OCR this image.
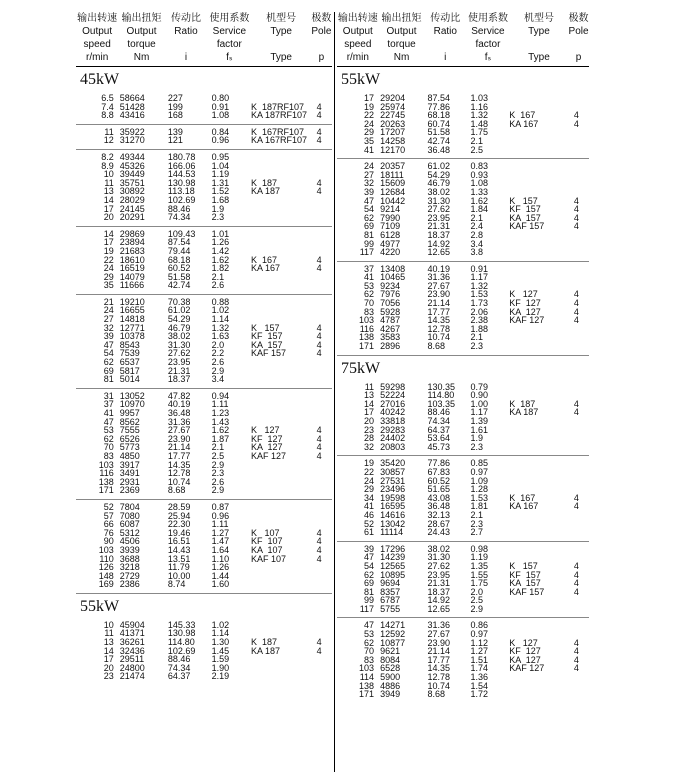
输出转速	输出扭矩	传动比	使用系数	机型号	极数
Output	Output	Ratio	Service	Type	Pole
speed	torque		factor		
r/min	Nm	i	fₛ	Type	p
45kW
6.5	58664	227	0.80		
7.4	51428	199	0.91	K  187RF107	4
8.8	43416	168	1.08	KA 187RF107	4
11	35922	139	0.84	K  167RF107	4
12	31270	121	0.96	KA 167RF107	4
8.2	49344	180.78	0.95		
8.9	45326	166.06	1.04		
10	39449	144.53	1.19		
11	35751	130.98	1.31	K  187	4
13	30892	113.18	1.52	KA 187	4
14	28029	102.69	1.68		
17	24145	88.46	1.9		
20	20291	74.34	2.3		
14	29869	109.43	1.01		
17	23894	87.54	1.26		
19	21683	79.44	1.42		
22	18610	68.18	1.62	K  167	4
24	16519	60.52	1.82	KA 167	4
29	14079	51.58	2.1		
35	11666	42.74	2.6		
21	19210	70.38	0.88		
24	16655	61.02	1.02		
27	14818	54.29	1.14		
32	12771	46.79	1.32	K   157	4
39	10378	38.02	1.63	KF  157	4
47	8543	31.30	2.0	KA  157	4
54	7539	27.62	2.2	KAF 157	4
62	6537	23.95	2.6		
69	5817	21.31	2.9		
81	5014	18.37	3.4		
31	13052	47.82	0.94		
37	10970	40.19	1.11		
41	9957	36.48	1.23		
47	8562	31.36	1.43		
53	7555	27.67	1.62	K   127	4
62	6526	23.90	1.87	KF  127	4
70	5773	21.14	2.1	KA  127	4
83	4850	17.77	2.5	KAF 127	4
103	3917	14.35	2.9		
116	3491	12.78	2.3		
138	2931	10.74	2.6		
171	2369	8.68	2.9		
52	7804	28.59	0.87		
57	7080	25.94	0.96		
66	6087	22.30	1.11		
76	5312	19.46	1.27	K   107	4
90	4506	16.51	1.47	KF  107	4
103	3939	14.43	1.64	KA  107	4
110	3688	13.51	1.10	KAF 107	4
126	3218	11.79	1.26		
148	2729	10.00	1.44		
169	2386	8.74	1.60		
55kW
10	45904	145.33	1.02		
11	41371	130.98	1.14		
13	36261	114.80	1.30	K  187	4
14	32436	102.69	1.45	KA 187	4
17	29511	88.46	1.59		
20	24800	74.34	1.90		
23	21474	64.37	2.19		
输出转速	输出扭矩	传动比	使用系数	机型号	极数
Output	Output	Ratio	Service	Type	Pole
speed	torque		factor		
r/min	Nm	i	fₛ	Type	p
55kW
17	29204	87.54	1.03		
19	25974	77.86	1.16		
22	22745	68.18	1.32	K  167	4
24	20263	60.74	1.48	KA 167	4
29	17207	51.58	1.75		
35	14258	42.74	2.1		
41	12170	36.48	2.5		
24	20357	61.02	0.83		
27	18111	54.29	0.93		
32	15609	46.79	1.08		
39	12684	38.02	1.33		
47	10442	31.30	1.62	K   157	4
54	9214	27.62	1.84	KF  157	4
62	7990	23.95	2.1	KA  157	4
69	7109	21.31	2.4	KAF 157	4
81	6128	18.37	2.8		
99	4977	14.92	3.4		
117	4220	12.65	3.8		
37	13408	40.19	0.91		
41	10465	31.36	1.17		
53	9234	27.67	1.32		
62	7976	23.90	1.53	K   127	4
70	7056	21.14	1.73	KF  127	4
83	5928	17.77	2.06	KA  127	4
103	4787	14.35	2.38	KAF 127	4
116	4267	12.78	1.88		
138	3583	10.74	2.1		
171	2896	8.68	2.3		
75kW
11	59298	130.35	0.79		
13	52224	114.80	0.90		
14	27016	103.35	1.00	K  187	4
17	40242	88.46	1.17	KA 187	4
20	33818	74.34	1.39		
23	29283	64.37	1.61		
28	24402	53.64	1.9		
32	20803	45.73	2.3		
19	35420	77.86	0.85		
22	30857	67.83	0.97		
24	27531	60.52	1.09		
29	23496	51.65	1.28		
34	19598	43.08	1.53	K  167	4
41	16595	36.48	1.81	KA 167	4
46	14616	32.13	2.1		
52	13042	28.67	2.3		
61	11114	24.43	2.7		
39	17296	38.02	0.98		
47	14239	31.30	1.19		
54	12565	27.62	1.35	K   157	4
62	10895	23.95	1.55	KF  157	4
69	9694	21.31	1.75	KA  157	4
81	8357	18.37	2.0	KAF 157	4
99	6787	14.92	2.5		
117	5755	12.65	2.9		
47	14271	31.36	0.86		
53	12592	27.67	0.97		
62	10877	23.90	1.12	K   127	4
70	9621	21.14	1.27	KF  127	4
83	8084	17.77	1.51	KA  127	4
103	6528	14.35	1.74	KAF 127	4
114	5900	12.78	1.36		
138	4886	10.74	1.54		
171	3949	8.68	1.72		
